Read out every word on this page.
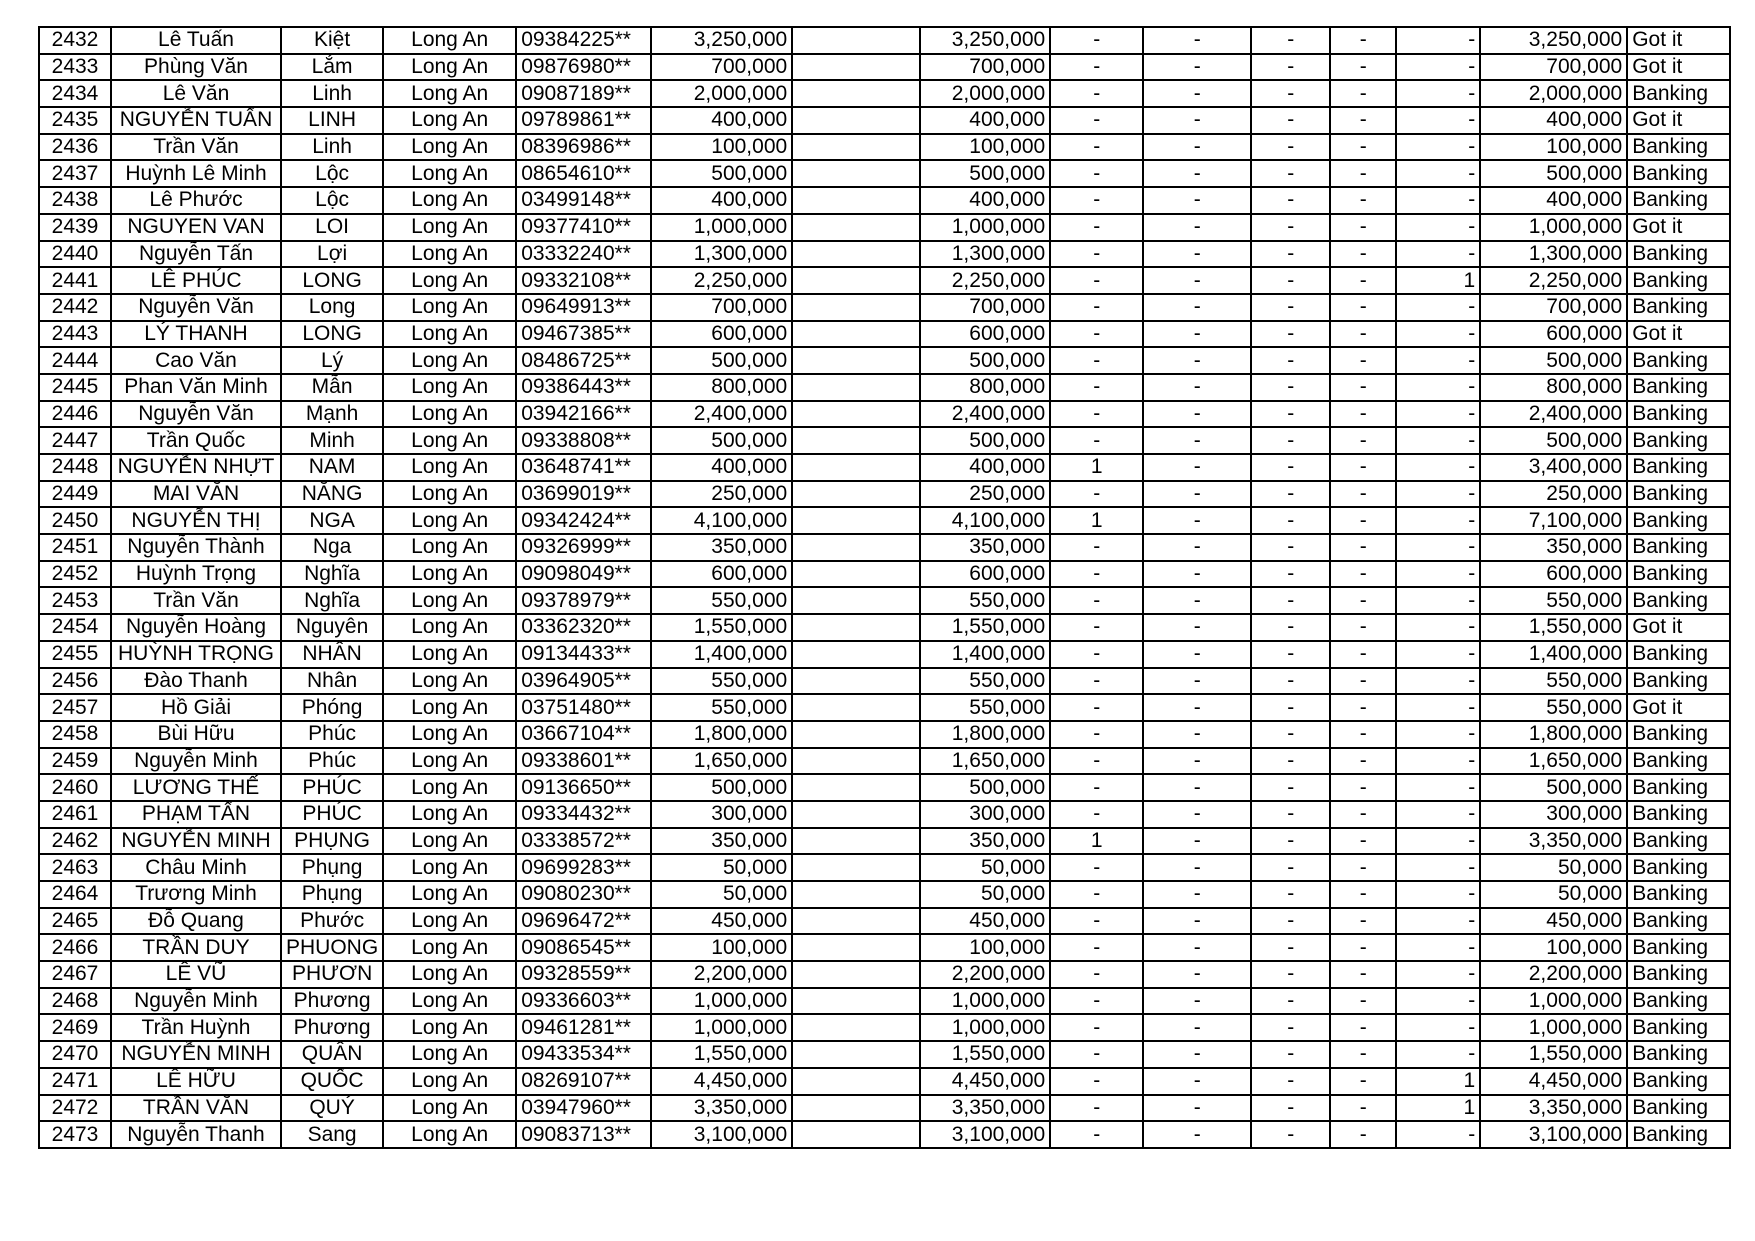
2432	Lê Tuấn	Kiệt	Long An	09384225**	3,250,000		3,250,000	-	-	-	-	-	3,250,000	Got it
2433	Phùng Văn	Lắm	Long An	09876980**	700,000		700,000	-	-	-	-	-	700,000	Got it
2434	Lê Văn	Linh	Long An	09087189**	2,000,000		2,000,000	-	-	-	-	-	2,000,000	Banking
2435	NGUYỄN TUẤN	LINH	Long An	09789861**	400,000		400,000	-	-	-	-	-	400,000	Got it
2436	Trần Văn	Linh	Long An	08396986**	100,000		100,000	-	-	-	-	-	100,000	Banking
2437	Huỳnh Lê Minh	Lộc	Long An	08654610**	500,000		500,000	-	-	-	-	-	500,000	Banking
2438	Lê Phước	Lộc	Long An	03499148**	400,000		400,000	-	-	-	-	-	400,000	Banking
2439	NGUYEN VAN	LOI	Long An	09377410**	1,000,000		1,000,000	-	-	-	-	-	1,000,000	Got it
2440	Nguyễn Tấn	Lợi	Long An	03332240**	1,300,000		1,300,000	-	-	-	-	-	1,300,000	Banking
2441	LÊ PHÚC	LONG	Long An	09332108**	2,250,000		2,250,000	-	-	-	-	1	2,250,000	Banking
2442	Nguyễn Văn	Long	Long An	09649913**	700,000		700,000	-	-	-	-	-	700,000	Banking
2443	LÝ THANH	LONG	Long An	09467385**	600,000		600,000	-	-	-	-	-	600,000	Got it
2444	Cao Văn	Lý	Long An	08486725**	500,000		500,000	-	-	-	-	-	500,000	Banking
2445	Phan Văn Minh	Mẫn	Long An	09386443**	800,000		800,000	-	-	-	-	-	800,000	Banking
2446	Nguyễn Văn	Mạnh	Long An	03942166**	2,400,000		2,400,000	-	-	-	-	-	2,400,000	Banking
2447	Trần Quốc	Minh	Long An	09338808**	500,000		500,000	-	-	-	-	-	500,000	Banking
2448	NGUYỄN NHỰT	NAM	Long An	03648741**	400,000		400,000	1	-	-	-	-	3,400,000	Banking
2449	MAI VĂN	NĂNG	Long An	03699019**	250,000		250,000	-	-	-	-	-	250,000	Banking
2450	NGUYỄN THỊ	NGA	Long An	09342424**	4,100,000		4,100,000	1	-	-	-	-	7,100,000	Banking
2451	Nguyễn Thành	Nga	Long An	09326999**	350,000		350,000	-	-	-	-	-	350,000	Banking
2452	Huỳnh Trọng	Nghĩa	Long An	09098049**	600,000		600,000	-	-	-	-	-	600,000	Banking
2453	Trần Văn	Nghĩa	Long An	09378979**	550,000		550,000	-	-	-	-	-	550,000	Banking
2454	Nguyễn Hoàng	Nguyên	Long An	03362320**	1,550,000		1,550,000	-	-	-	-	-	1,550,000	Got it
2455	HUỲNH TRỌNG	NHÂN	Long An	09134433**	1,400,000		1,400,000	-	-	-	-	-	1,400,000	Banking
2456	Đào Thanh	Nhân	Long An	03964905**	550,000		550,000	-	-	-	-	-	550,000	Banking
2457	Hồ Giải	Phóng	Long An	03751480**	550,000		550,000	-	-	-	-	-	550,000	Got it
2458	Bùi Hữu	Phúc	Long An	03667104**	1,800,000		1,800,000	-	-	-	-	-	1,800,000	Banking
2459	Nguyễn Minh	Phúc	Long An	09338601**	1,650,000		1,650,000	-	-	-	-	-	1,650,000	Banking
2460	LƯƠNG THẾ	PHÚC	Long An	09136650**	500,000		500,000	-	-	-	-	-	500,000	Banking
2461	PHẠM TẤN	PHÚC	Long An	09334432**	300,000		300,000	-	-	-	-	-	300,000	Banking
2462	NGUYỄN MINH	PHỤNG	Long An	03338572**	350,000		350,000	1	-	-	-	-	3,350,000	Banking
2463	Châu Minh	Phụng	Long An	09699283**	50,000		50,000	-	-	-	-	-	50,000	Banking
2464	Trương Minh	Phụng	Long An	09080230**	50,000		50,000	-	-	-	-	-	50,000	Banking
2465	Đỗ Quang	Phước	Long An	09696472**	450,000		450,000	-	-	-	-	-	450,000	Banking
2466	TRẦN DUY	PHUONG	Long An	09086545**	100,000		100,000	-	-	-	-	-	100,000	Banking
2467	LÊ VŨ	PHƯƠN	Long An	09328559**	2,200,000		2,200,000	-	-	-	-	-	2,200,000	Banking
2468	Nguyễn Minh	Phương	Long An	09336603**	1,000,000		1,000,000	-	-	-	-	-	1,000,000	Banking
2469	Trần Huỳnh	Phương	Long An	09461281**	1,000,000		1,000,000	-	-	-	-	-	1,000,000	Banking
2470	NGUYỄN MINH	QUÂN	Long An	09433534**	1,550,000		1,550,000	-	-	-	-	-	1,550,000	Banking
2471	LÊ HỮU	QUỐC	Long An	08269107**	4,450,000		4,450,000	-	-	-	-	1	4,450,000	Banking
2472	TRẦN VĂN	QUÝ	Long An	03947960**	3,350,000		3,350,000	-	-	-	-	1	3,350,000	Banking
2473	Nguyễn Thanh	Sang	Long An	09083713**	3,100,000		3,100,000	-	-	-	-	-	3,100,000	Banking
